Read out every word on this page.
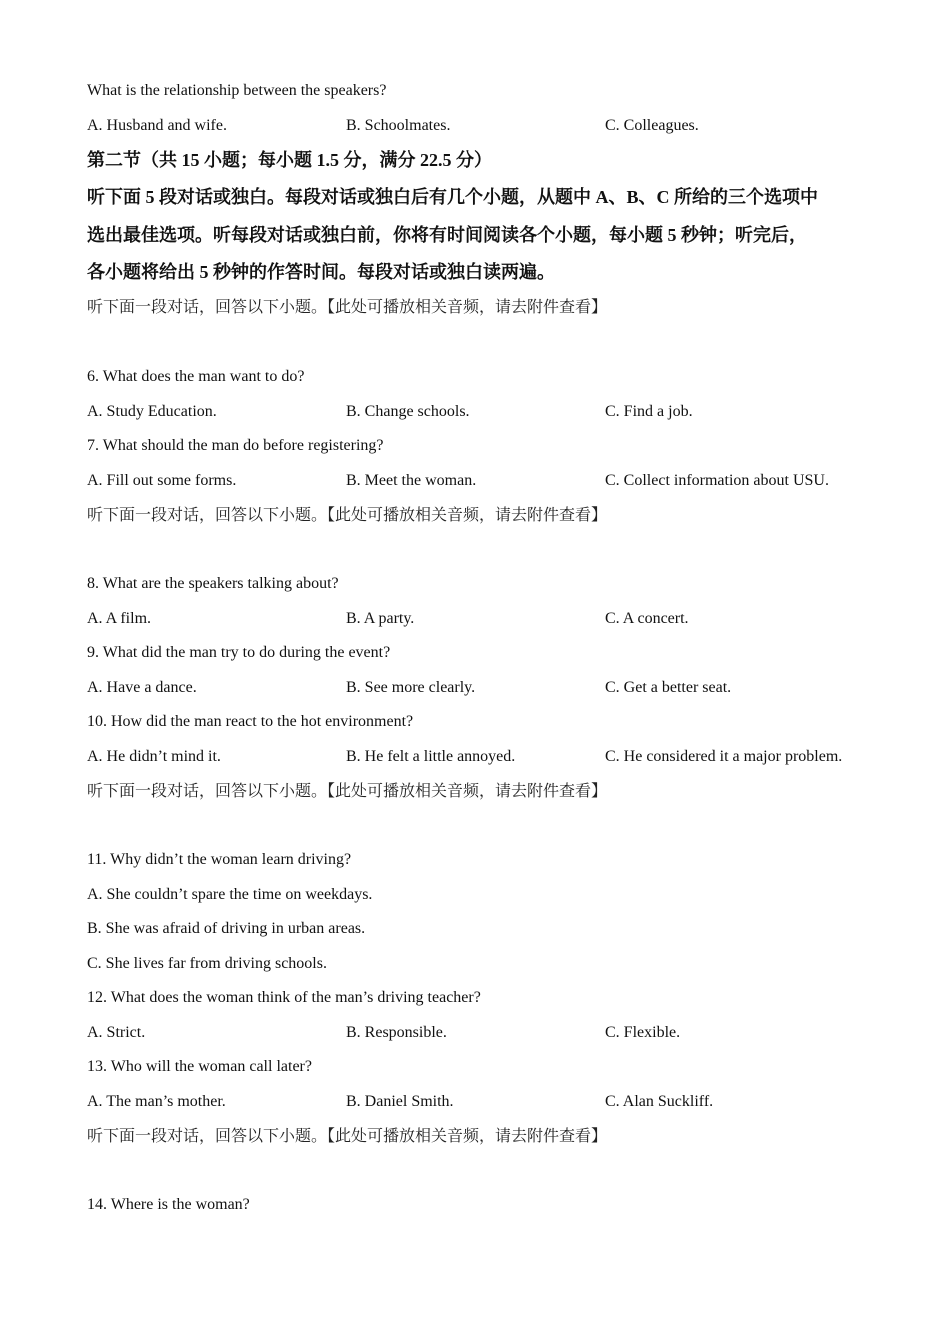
What is the relationship between the speakers?
A. Husband and wife.	B. Schoolmates.	C. Colleagues.
第二节（共 15 小题；每小题 1.5 分，满分 22.5 分）
听下面 5 段对话或独白。每段对话或独白后有几个小题，从题中 A、B、C 所给的三个选项中
选出最佳选项。听每段对话或独白前，你将有时间阅读各个小题，每小题 5 秒钟；听完后，
各小题将给出 5 秒钟的作答时间。每段对话或独白读两遍。
听下面一段对话，回答以下小题。【此处可播放相关音频，请去附件查看】
6. What does the man want to do?
A. Study Education.	B. Change schools.	C. Find a job.
7. What should the man do before registering?
A. Fill out some forms.	B. Meet the woman.	C. Collect information about USU.
听下面一段对话，回答以下小题。【此处可播放相关音频，请去附件查看】
8. What are the speakers talking about?
A. A film.	B. A party.	C. A concert.
9. What did the man try to do during the event?
A. Have a dance.	B. See more clearly.	C. Get a better seat.
10. How did the man react to the hot environment?
A. He didn’t mind it.	B. He felt a little annoyed.	C. He considered it a major problem.
听下面一段对话，回答以下小题。【此处可播放相关音频，请去附件查看】
11. Why didn’t the woman learn driving?
A. She couldn’t spare the time on weekdays.
B. She was afraid of driving in urban areas.
C. She lives far from driving schools.
12. What does the woman think of the man’s driving teacher?
A. Strict.	B. Responsible.	C. Flexible.
13. Who will the woman call later?
A. The man’s mother.	B. Daniel Smith.	C. Alan Suckliff.
听下面一段对话，回答以下小题。【此处可播放相关音频，请去附件查看】
14. Where is the woman?
